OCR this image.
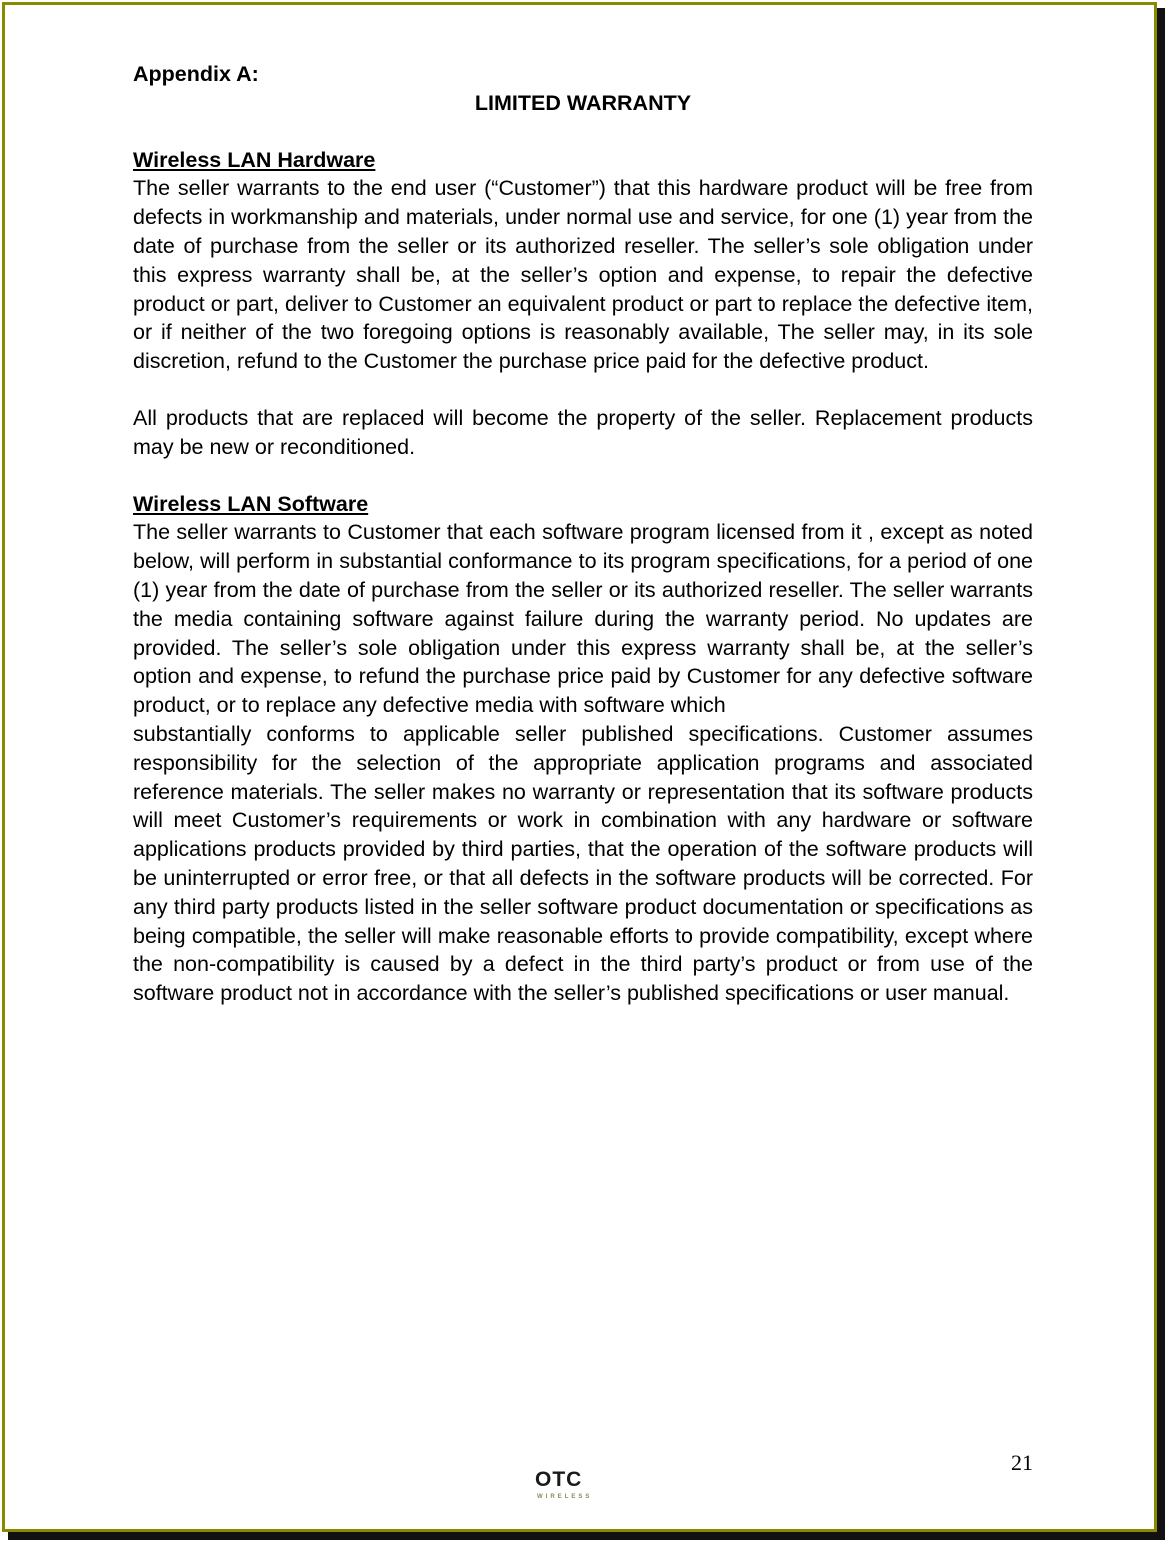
Appendix A:

LIMITED WARRANTY

Wireless LAN Hardware

The seller warrants to the end user (“Customer”) that this hardware product will be free from defects in workmanship and materials, under normal use and service, for one (1) year from the date of purchase from the seller or its authorized reseller. The seller’s sole obligation under this express warranty shall be, at the seller’s option and expense, to repair the defective product or part, deliver to Customer an equivalent product or part to replace the defective item, or if neither of the two foregoing options is reasonably available, The seller may, in its sole discretion, refund to the Customer the purchase price paid for the defective product.

All products that are replaced will become the property of the seller. Replacement products may be new or reconditioned.

Wireless LAN Software

The seller warrants to Customer that each software program licensed from it , except as noted below, will perform in substantial conformance to its program specifications, for a period of one (1) year from the date of purchase from the seller or its authorized reseller. The seller warrants the media containing software against failure during the warranty period. No updates are provided. The seller’s sole obligation under this express warranty shall be, at the seller’s option and expense, to refund the purchase price paid by Customer for any defective software product, or to replace any defective media with software which

substantially conforms to applicable seller published specifications. Customer assumes responsibility for the selection of the appropriate application programs and associated reference materials. The seller makes no warranty or representation that its software products will meet Customer’s requirements or work in combination with any hardware or software applications products provided by third parties, that the operation of the software products will be uninterrupted or error free, or that all defects in the software products will be corrected. For any third party products listed in the seller software product documentation or specifications as being compatible, the seller will make reasonable efforts to provide compatibility, except where the non-compatibility is caused by a defect in the third party’s product or from use of the software product not in accordance with the seller’s published specifications or user manual.

21
OTC
WIRELESS
